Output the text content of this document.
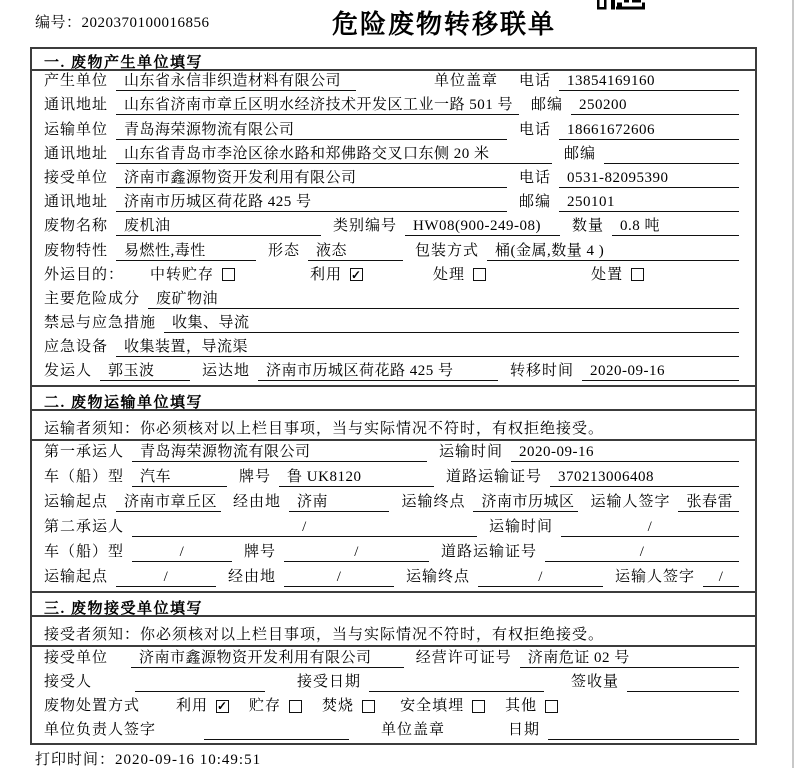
编号：2020370100016856	危险废物转移联单
一. 废物产生单位填写
产生单位	山东省永信非织造材料有限公司	单位盖章	电话	13854169160
通讯地址	山东省济南市章丘区明水经济技术开发区工业一路 501 号	邮编	250200
运输单位	青岛海荣源物流有限公司	电话	18661672606
通讯地址	山东省青岛市李沧区徐水路和郑佛路交叉口东侧 20 米	邮编
接受单位	济南市鑫源物资开发利用有限公司	电话	0531-82095390
通讯地址	济南市历城区荷花路 425 号	邮编	250101
废物名称	废机油	类别编号	HW08(900-249-08)	数量	0.8 吨
废物特性	易燃性,毒性	形态	液态	包装方式	桶(金属,数量 4 )
外运目的：	中转贮存	利用 ✓	处理	处置
主要危险成分	废矿物油
禁忌与应急措施	收集、导流
应急设备	收集装置，导流渠
发运人	郭玉波	运达地	济南市历城区荷花路 425 号	转移时间	2020-09-16
二. 废物运输单位填写
运输者须知：你必须核对以上栏目事项，当与实际情况不符时，有权拒绝接受。
第一承运人	青岛海荣源物流有限公司	运输时间	2020-09-16
车（船）型	汽车	牌号	鲁 UK8120	道路运输证号	370213006408
运输起点	济南市章丘区 经由地	济南	运输终点	济南市历城区 运输人签字	张春雷
第二承运人	/	运输时间	/
车（船）型	/	牌号	/	道路运输证号	/
运输起点	/	经由地	/	运输终点	/	运输人签字	/
三. 废物接受单位填写
接受者须知：你必须核对以上栏目事项，当与实际情况不符时，有权拒绝接受。
接受单位	济南市鑫源物资开发利用有限公司	经营许可证号	济南危证 02 号
接受人	接受日期	签收量
废物处置方式	利用 ✓ 贮存	焚烧	安全填埋	其他
单位负责人签字	单位盖章	日期
打印时间：2020-09-16 10:49:51
